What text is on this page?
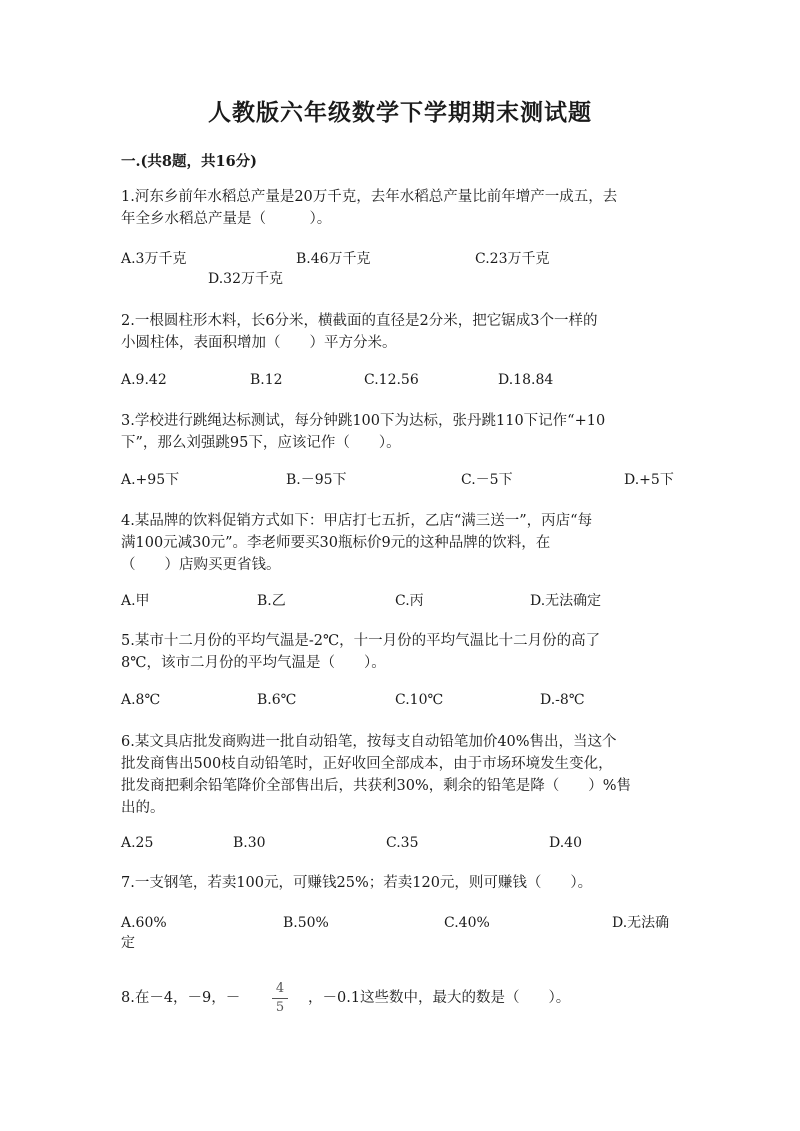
人教版六年级数学下学期期末测试题
一.(共8题，共16分)
1.河东乡前年水稻总产量是20万千克，去年水稻总产量比前年增产一成五，去
年全乡水稻总产量是（　　　）。
A.3万千克	B.46万千克	C.23万千克
D.32万千克
2.一根圆柱形木料，长6分米，横截面的直径是2分米，把它锯成3个一样的
小圆柱体，表面积增加（　　）平方分米。
A.9.42	B.12	C.12.56	D.18.84
3.学校进行跳绳达标测试，每分钟跳100下为达标，张丹跳110下记作“+10
下”，那么刘强跳95下，应该记作（　　）。
A.+95下	B.－95下	C.－5下	D.+5下
4.某品牌的饮料促销方式如下：甲店打七五折，乙店“满三送一”，丙店“每
满100元减30元”。李老师要买30瓶标价9元的这种品牌的饮料，在
（　　）店购买更省钱。
A.甲	B.乙	C.丙	D.无法确定
5.某市十二月份的平均气温是-2℃，十一月份的平均气温比十二月份的高了
8℃，该市二月份的平均气温是（　　）。
A.8℃	B.6℃	C.10℃	D.-8℃
6.某文具店批发商购进一批自动铅笔，按每支自动铅笔加价40%售出，当这个
批发商售出500枝自动铅笔时，正好收回全部成本，由于市场环境发生变化，
批发商把剩余铅笔降价全部售出后，共获利30%，剩余的铅笔是降（　　）%售
出的。
A.25	B.30	C.35	D.40
7.一支钢笔，若卖100元，可赚钱25%；若卖120元，则可赚钱（　　）。
A.60%	B.50%	C.40%	D.无法确
定
8.在－4，－9，－
4
5
，－0.1这些数中，最大的数是（　　）。
